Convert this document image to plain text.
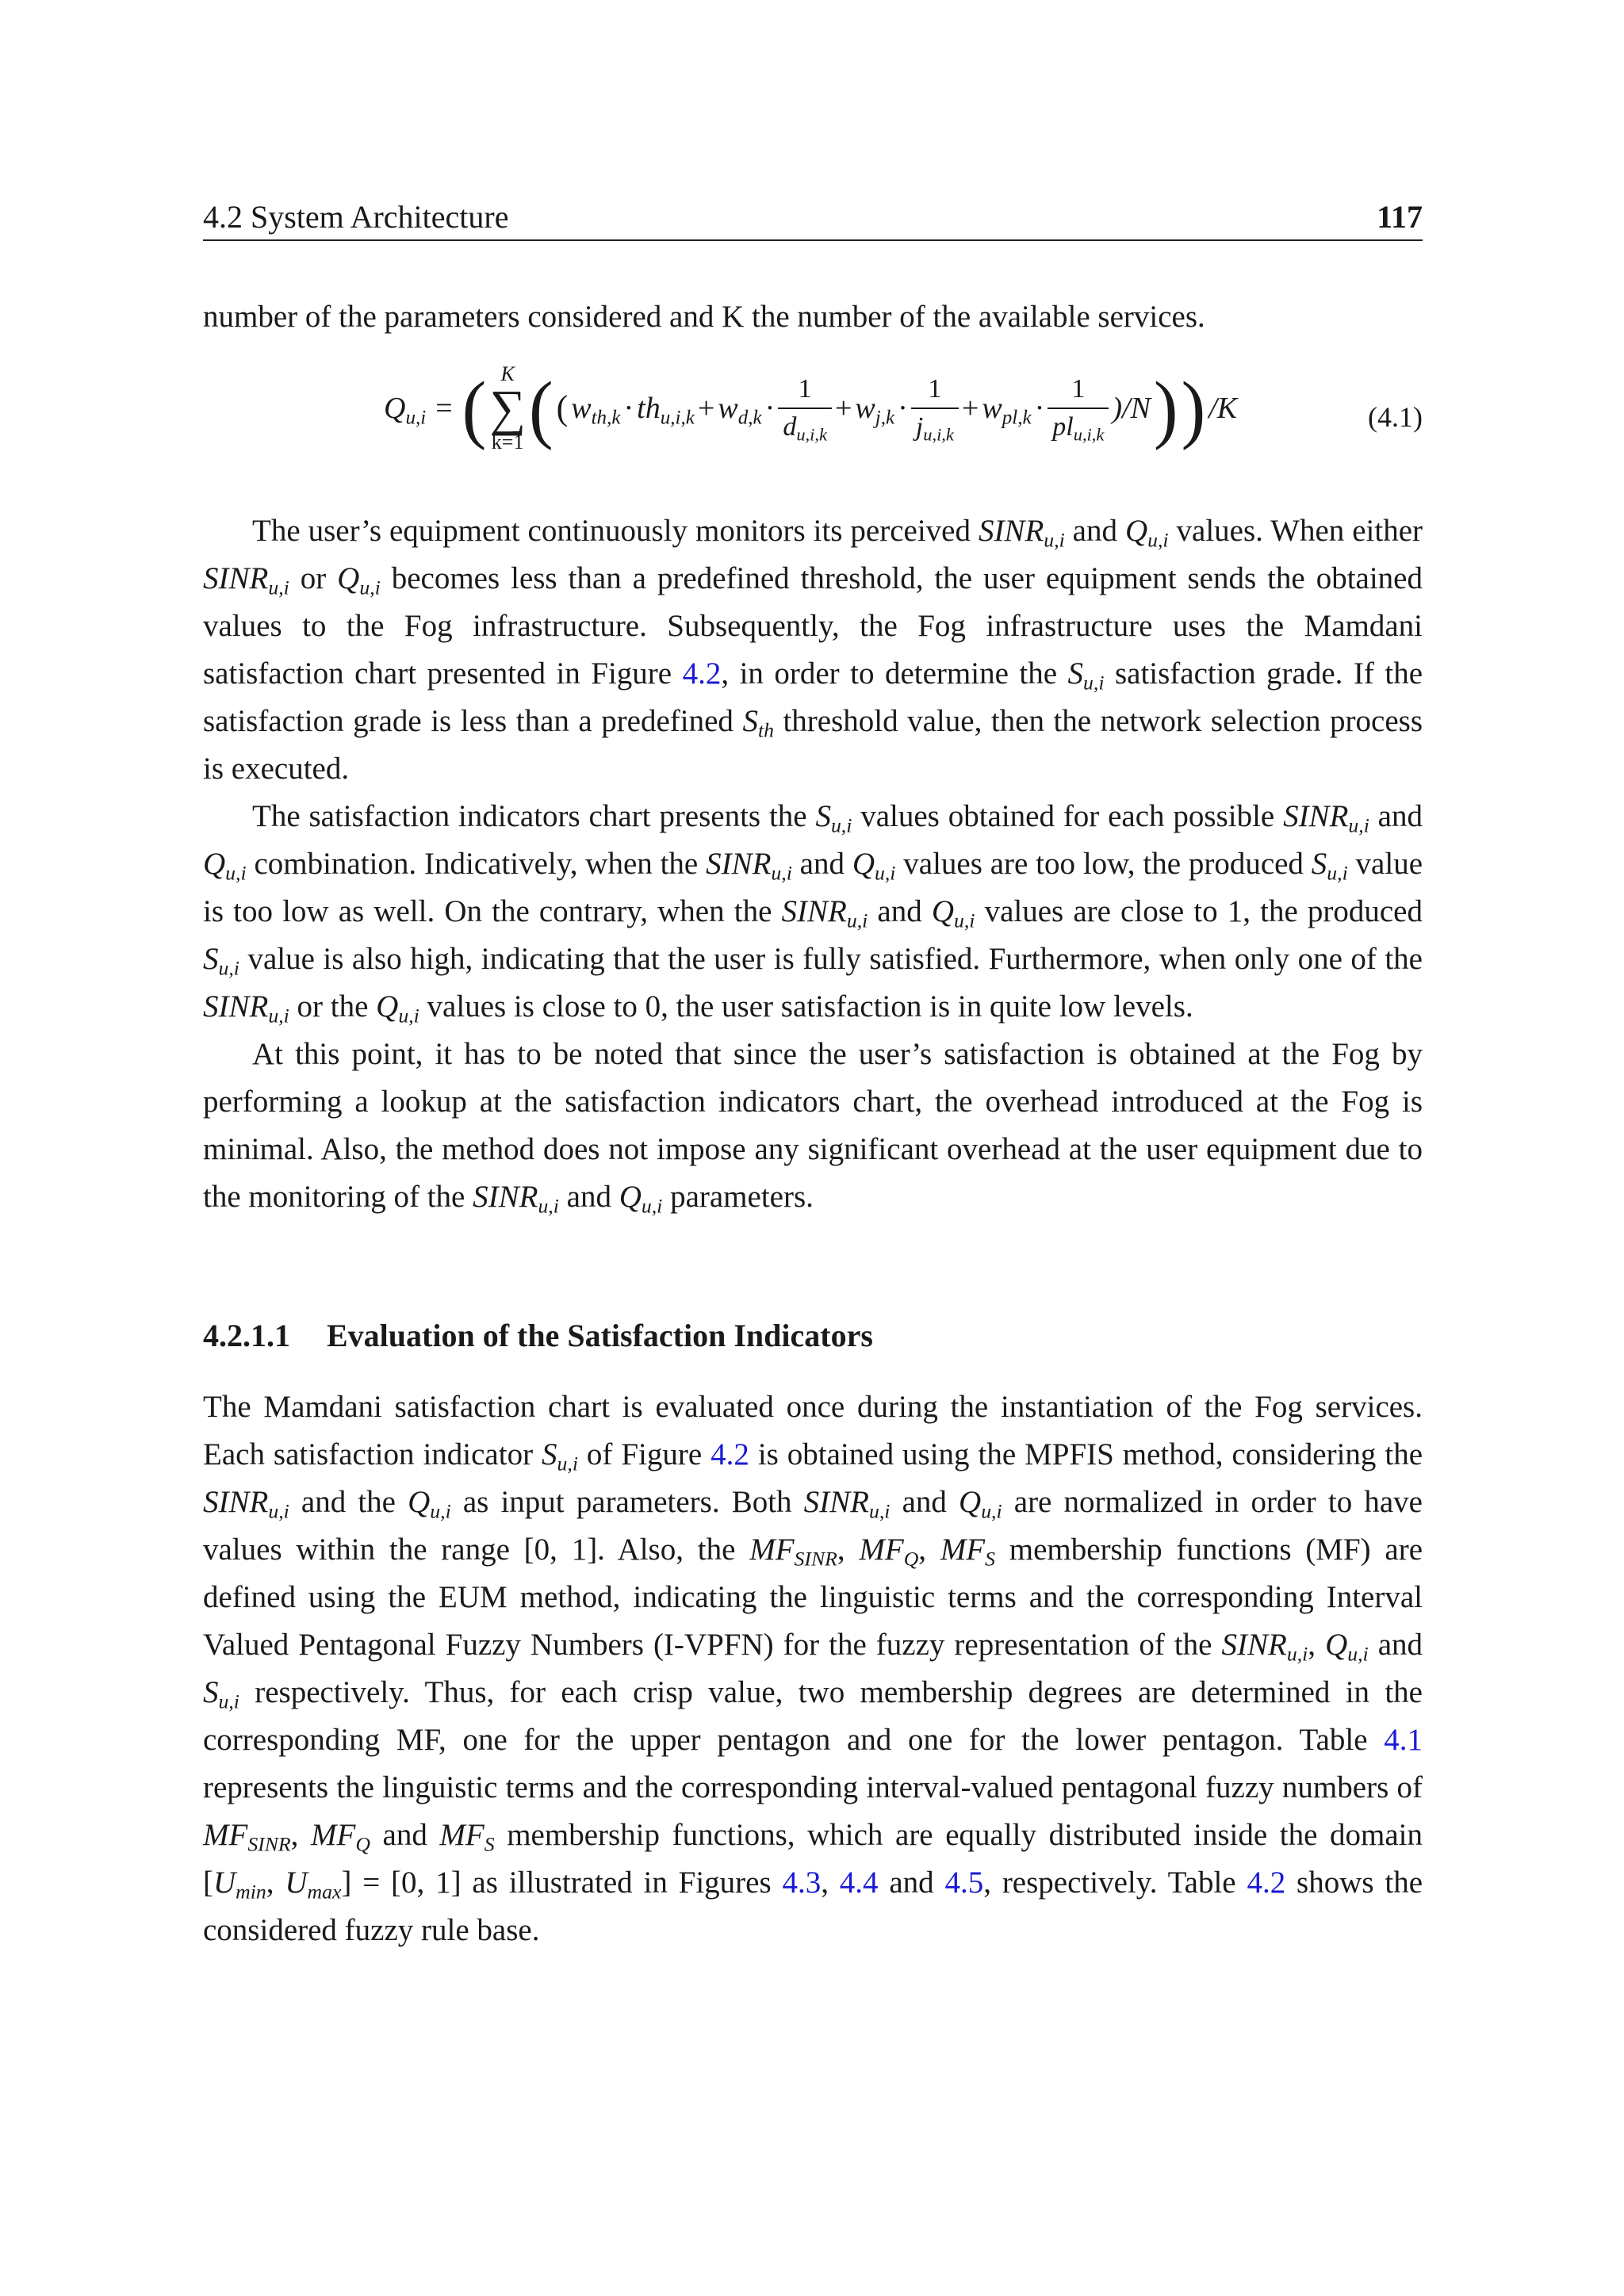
4.2 System Architecture	117

number of the parameters considered and K the number of the available services.

$Q_{u,i}$ = ( K
∑
k=1 ( ( $w_{th,k} \cdot th_{u,i,k} + w_{d,k} \cdot \frac{1}{d_{u,i,k}} + w_{j,k} \cdot \frac{1}{j_{u,i,k}} + w_{pl,k} \cdot \frac{1}{pl_{u,i,k}} )/N$ ) ) /K	(4.1)

The user’s equipment continuously monitors its perceived $SINR_{u,i}$ and $Q_{u,i}$ values. When either $SINR_{u,i}$ or $Q_{u,i}$ becomes less than a predefined threshold, the user equipment sends the obtained values to the Fog infrastructure. Subsequently, the Fog infrastructure uses the Mamdani satisfaction chart presented in Figure 4.2, in order to determine the $S_{u,i}$ satisfaction grade. If the satisfaction grade is less than a predefined $S_{th}$ threshold value, then the network selection process is executed.

The satisfaction indicators chart presents the $S_{u,i}$ values obtained for each possible $SINR_{u,i}$ and $Q_{u,i}$ combination. Indicatively, when the $SINR_{u,i}$ and $Q_{u,i}$ values are too low, the produced $S_{u,i}$ value is too low as well. On the contrary, when the $SINR_{u,i}$ and $Q_{u,i}$ values are close to 1, the produced $S_{u,i}$ value is also high, indicating that the user is fully satisfied. Furthermore, when only one of the $SINR_{u,i}$ or the $Q_{u,i}$ values is close to 0, the user satisfaction is in quite low levels.

At this point, it has to be noted that since the user’s satisfaction is obtained at the Fog by performing a lookup at the satisfaction indicators chart, the overhead introduced at the Fog is minimal. Also, the method does not impose any significant overhead at the user equipment due to the monitoring of the $SINR_{u,i}$ and $Q_{u,i}$ parameters.

4.2.1.1 Evaluation of the Satisfaction Indicators

The Mamdani satisfaction chart is evaluated once during the instantiation of the Fog services. Each satisfaction indicator $S_{u,i}$ of Figure 4.2 is obtained using the MPFIS method, considering the $SINR_{u,i}$ and the $Q_{u,i}$ as input parameters. Both $SINR_{u,i}$ and $Q_{u,i}$ are normalized in order to have values within the range [0, 1]. Also, the $MF_{SINR}$, $MF_Q$, $MF_S$ membership functions (MF) are defined using the EUM method, indicating the linguistic terms and the corresponding Interval Valued Pentagonal Fuzzy Numbers (I-VPFN) for the fuzzy representation of the $SINR_{u,i}$, $Q_{u,i}$ and $S_{u,i}$ respectively. Thus, for each crisp value, two membership degrees are determined in the corresponding MF, one for the upper pentagon and one for the lower pentagon. Table 4.1 represents the linguistic terms and the corresponding interval-valued pentagonal fuzzy numbers of $MF_{SINR}$, $MF_Q$ and $MF_S$ membership functions, which are equally distributed inside the domain [$U_{min}$, $U_{max}] = [0$, 1] as illustrated in Figures 4.3, 4.4 and 4.5, respectively. Table 4.2 shows the considered fuzzy rule base.
